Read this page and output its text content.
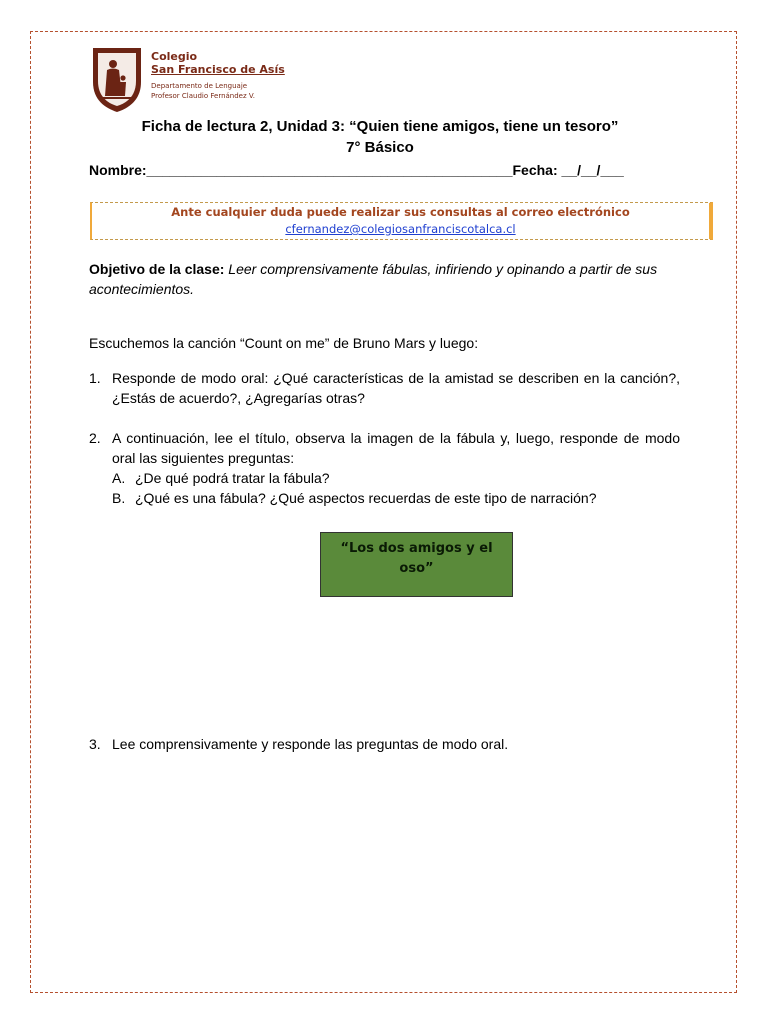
Colegio
San Francisco de Asís
Departamento de Lenguaje
Profesor Claudio Fernández V.
Ficha de lectura 2, Unidad 3: “Quien tiene amigos, tiene un tesoro”
7° Básico
Nombre:_______________________________________________Fecha: __/__/___
Ante cualquier duda puede realizar sus consultas al correo electrónico
cfernandez@colegiosanfranciscotalca.cl
Objetivo de la clase: Leer comprensivamente fábulas, infiriendo y opinando a partir de sus acontecimientos.
Escuchemos la canción “Count on me” de Bruno Mars y luego:
1. Responde de modo oral: ¿Qué características de la amistad se describen en la canción?, ¿Estás de acuerdo?, ¿Agregarías otras?
2. A continuación, lee el título, observa la imagen de la fábula y, luego, responde de modo oral las siguientes preguntas:
A. ¿De qué podrá tratar la fábula?
B. ¿Qué es una fábula? ¿Qué aspectos recuerdas de este tipo de narración?
“Los dos amigos y el oso”
3. Lee comprensivamente y responde las preguntas de modo oral.
